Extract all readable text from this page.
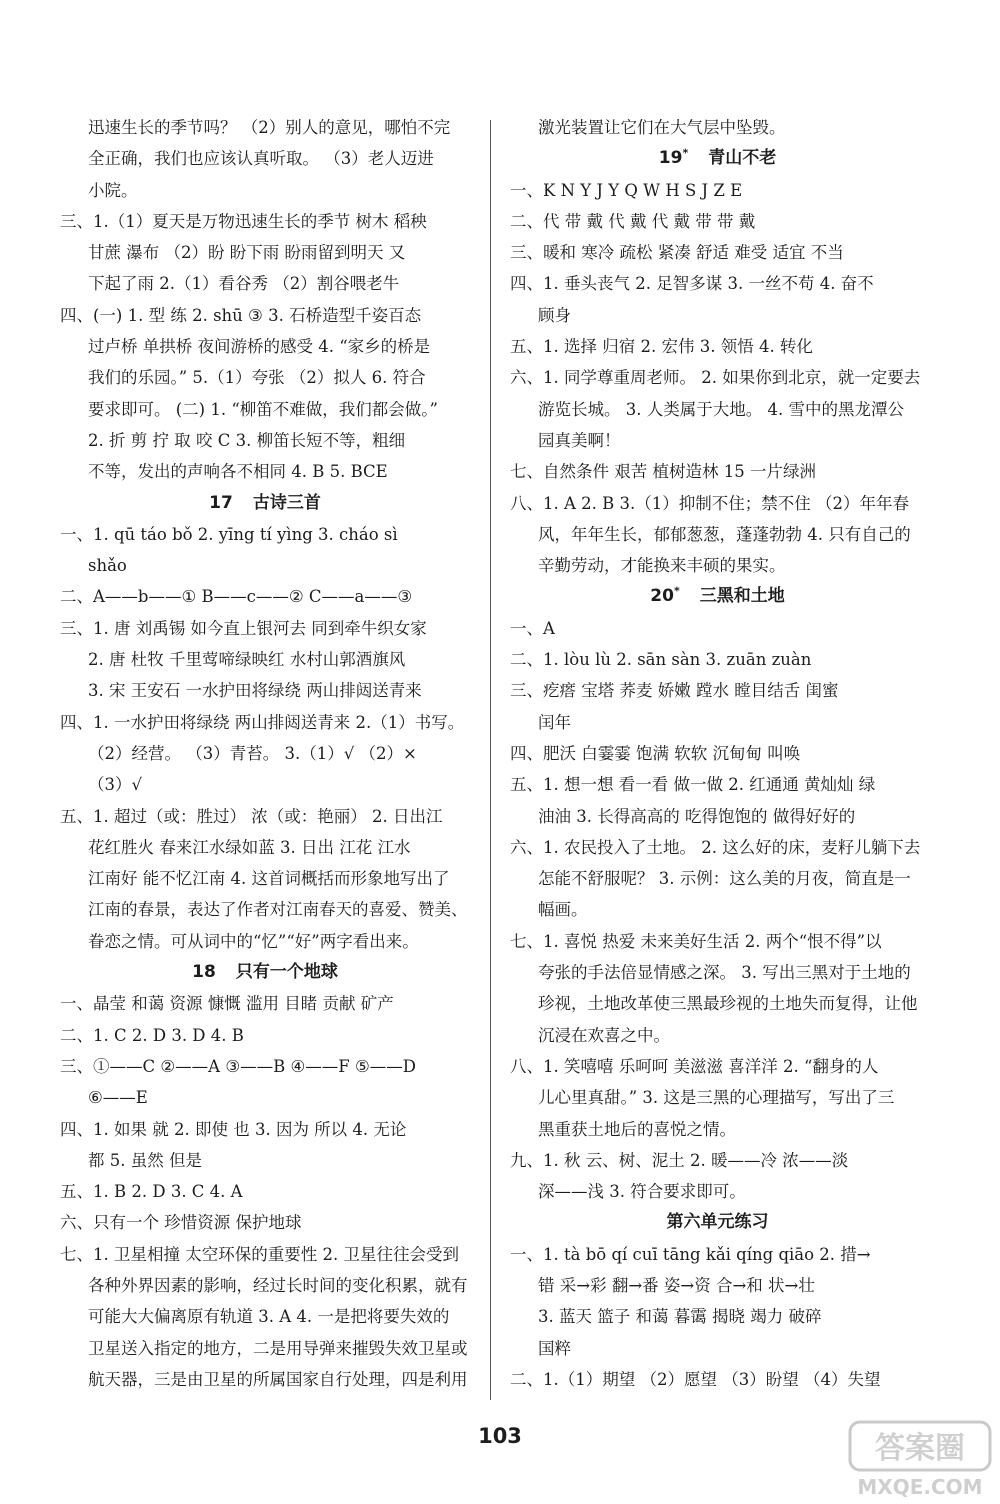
迅速生长的季节吗？ （2）别人的意见，哪怕不完
全正确，我们也应该认真听取。 （3）老人迈进
小院。
三、1.（1）夏天是万物迅速生长的季节 树木 稻秧
甘蔗 瀑布 （2）盼 盼下雨 盼雨留到明天 又
下起了雨 2.（1）看谷秀 （2）割谷喂老牛
四、(一) 1. 型 练 2. shū ③ 3. 石桥造型千姿百态
过卢桥 单拱桥 夜间游桥的感受 4. “家乡的桥是
我们的乐园。” 5.（1）夸张 （2）拟人 6. 符合
要求即可。 (二) 1. “柳笛不难做，我们都会做。”
2. 折 剪 拧 取 咬 C 3. 柳笛长短不等，粗细
不等，发出的声响各不相同 4. B 5. BCE
17 古诗三首
一、1. qū táo bǒ 2. yīng tí yìng 3. cháo sì
shǎo
二、A——b——① B——c——② C——a——③
三、1. 唐 刘禹锡 如今直上银河去 同到牵牛织女家
2. 唐 杜牧 千里莺啼绿映红 水村山郭酒旗风
3. 宋 王安石 一水护田将绿绕 两山排闼送青来
四、1. 一水护田将绿绕 两山排闼送青来 2.（1）书写。
（2）经营。 （3）青苔。 3.（1）√ （2）×
（3）√
五、1. 超过（或：胜过） 浓（或：艳丽） 2. 日出江
花红胜火 春来江水绿如蓝 3. 日出 江花 江水
江南好 能不忆江南 4. 这首词概括而形象地写出了
江南的春景，表达了作者对江南春天的喜爱、赞美、
眷恋之情。可从词中的“忆”“好”两字看出来。
18 只有一个地球
一、晶莹 和蔼 资源 慷慨 滥用 目睹 贡献 矿产
二、1. C 2. D 3. D 4. B
三、①——C ②——A ③——B ④——F ⑤——D
⑥——E
四、1. 如果 就 2. 即使 也 3. 因为 所以 4. 无论
都 5. 虽然 但是
五、1. B 2. D 3. C 4. A
六、只有一个 珍惜资源 保护地球
七、1. 卫星相撞 太空环保的重要性 2. 卫星往往会受到
各种外界因素的影响，经过长时间的变化积累，就有
可能大大偏离原有轨道 3. A 4. 一是把将要失效的
卫星送入指定的地方，二是用导弹来摧毁失效卫星或
航天器，三是由卫星的所属国家自行处理，四是利用
激光装置让它们在大气层中坠毁。
19* 青山不老
一、K N Y J Y Q W H S J Z E
二、代 带 戴 代 戴 代 戴 带 带 戴
三、暖和 寒冷 疏松 紧凑 舒适 难受 适宜 不当
四、1. 垂头丧气 2. 足智多谋 3. 一丝不苟 4. 奋不
顾身
五、1. 选择 归宿 2. 宏伟 3. 领悟 4. 转化
六、1. 同学尊重周老师。 2. 如果你到北京，就一定要去
游览长城。 3. 人类属于大地。 4. 雪中的黑龙潭公
园真美啊！
七、自然条件 艰苦 植树造林 15 一片绿洲
八、1. A 2. B 3.（1）抑制不住；禁不住 （2）年年春
风，年年生长，郁郁葱葱，蓬蓬勃勃 4. 只有自己的
辛勤劳动，才能换来丰硕的果实。
20* 三黑和土地
一、A
二、1. lòu lù 2. sān sàn 3. zuān zuàn
三、疙瘩 宝塔 荞麦 娇嫩 蹚水 瞠目结舌 闺蜜
闰年
四、肥沃 白霎霎 饱满 软软 沉甸甸 叫唤
五、1. 想一想 看一看 做一做 2. 红通通 黄灿灿 绿
油油 3. 长得高高的 吃得饱饱的 做得好好的
六、1. 农民投入了土地。 2. 这么好的床，麦籽儿躺下去
怎能不舒服呢？ 3. 示例：这么美的月夜，简直是一
幅画。
七、1. 喜悦 热爱 未来美好生活 2. 两个“恨不得”以
夸张的手法倍显情感之深。 3. 写出三黑对于土地的
珍视，土地改革使三黑最珍视的土地失而复得，让他
沉浸在欢喜之中。
八、1. 笑嘻嘻 乐呵呵 美滋滋 喜洋洋 2. “翻身的人
儿心里真甜。” 3. 这是三黑的心理描写，写出了三
黑重获土地后的喜悦之情。
九、1. 秋 云、树、泥土 2. 暖——冷 浓——淡
深——浅 3. 符合要求即可。
第六单元练习
一、1. tà bō qí cuī tāng kǎi qíng qiāo 2. 措→
错 采→彩 翻→番 姿→资 合→和 状→壮
3. 蓝天 篮子 和蔼 暮霭 揭晓 竭力 破碎
国粹
二、1.（1）期望 （2）愿望 （3）盼望 （4）失望
103	答案圈
MXQE.COM
